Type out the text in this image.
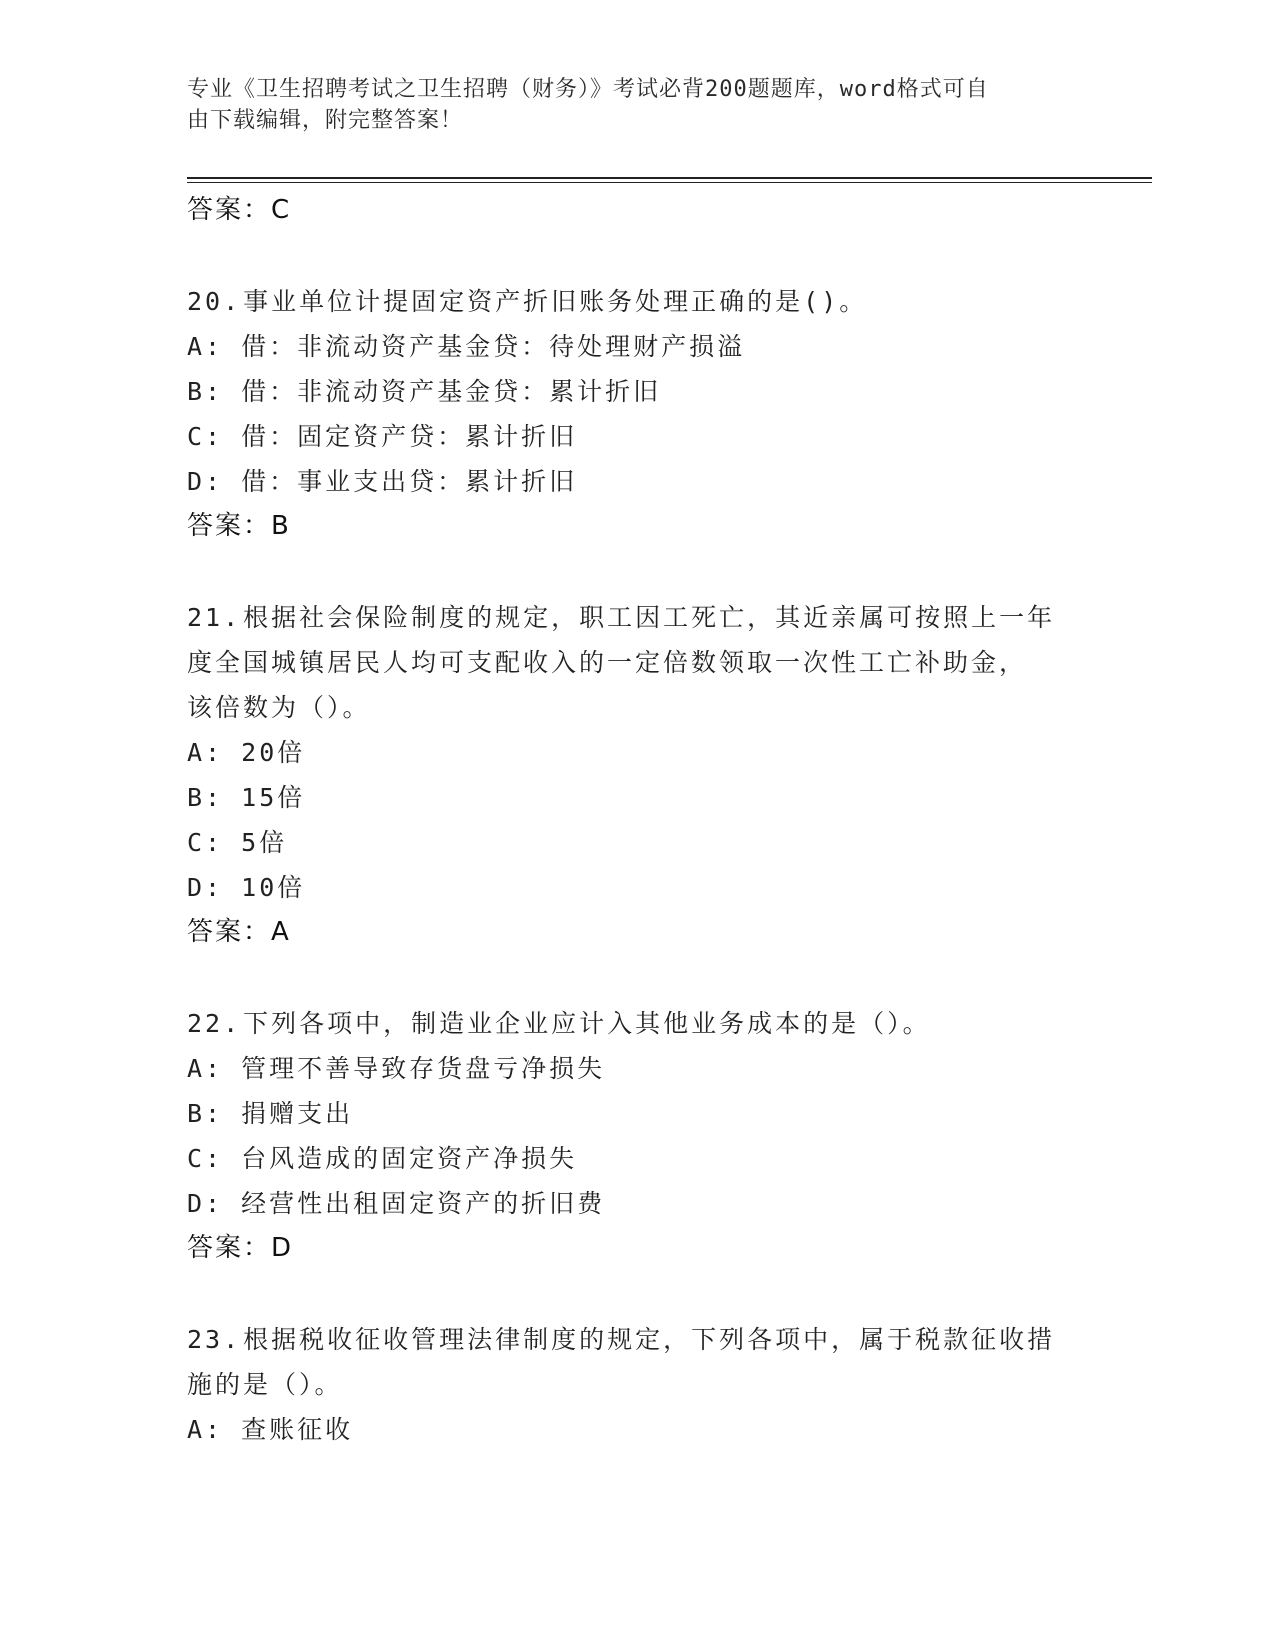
专业《卫生招聘考试之卫生招聘（财务）》考试必背200题题库，word格式可自
由下载编辑，附完整答案！
答案：C
20.事业单位计提固定资产折旧账务处理正确的是()。
A: 借：非流动资产基金贷：待处理财产损溢
B: 借：非流动资产基金贷：累计折旧
C: 借：固定资产贷：累计折旧
D: 借：事业支出贷：累计折旧
答案：B
21.根据社会保险制度的规定，职工因工死亡，其近亲属可按照上一年
度全国城镇居民人均可支配收入的一定倍数领取一次性工亡补助金，
该倍数为（）。
A: 20倍
B: 15倍
C: 5倍
D: 10倍
答案：A
22.下列各项中，制造业企业应计入其他业务成本的是（）。
A: 管理不善导致存货盘亏净损失
B: 捐赠支出
C: 台风造成的固定资产净损失
D: 经营性出租固定资产的折旧费
答案：D
23.根据税收征收管理法律制度的规定，下列各项中，属于税款征收措
施的是（）。
A: 查账征收
